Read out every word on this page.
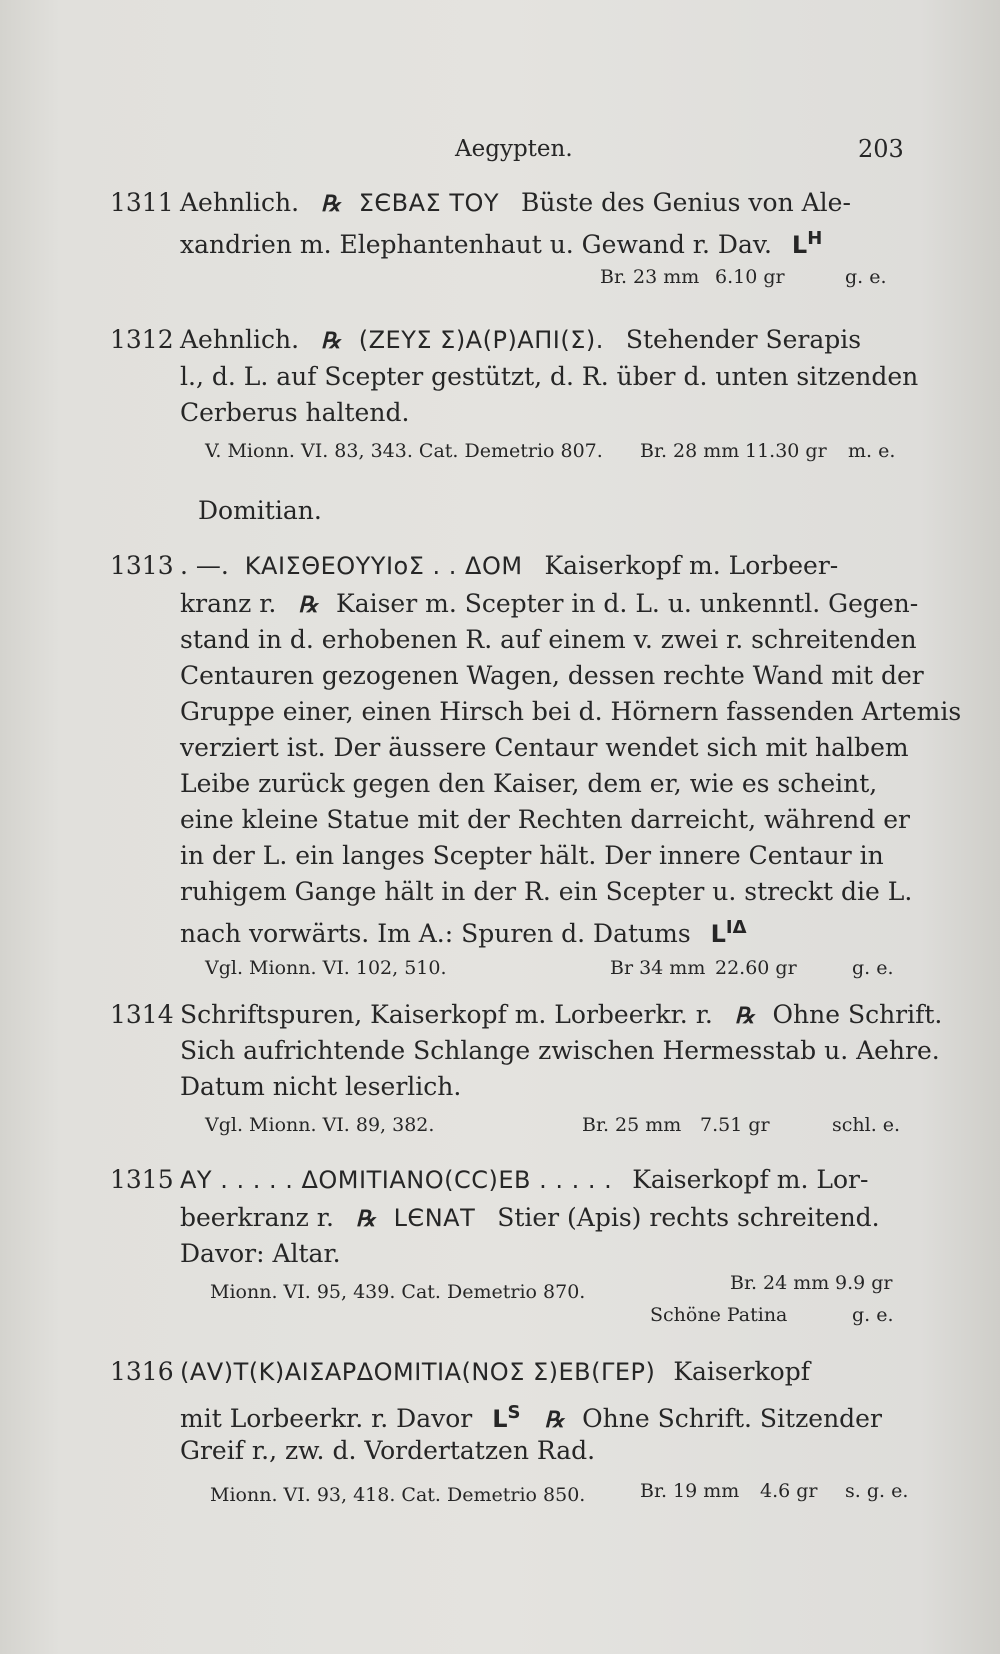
Aegypten.	203
1311 Aehnlich. ℞ ΣЄΒΑΣ ΤΟΥ Büste des Genius von Ale-
xandrien m. Elephantenhaut u. Gewand r. Dav. $L^H$
Br. 23 mm 6.10 gr	g. e.
1312 Aehnlich. ℞ (ΖΕΥΣ Σ)Α(Ρ)ΑΠΙ(Σ). Stehender Serapis
l., d. L. auf Scepter gestützt, d. R. über d. unten sitzenden
Cerberus haltend.
V. Mionn. VI. 83, 343. Cat. Demetrio 807. Br. 28 mm 11.30 gr m. e.
Domitian.
1313 . —. ΚΑΙΣΘΕΟΥΥΙοΣ . . ΔΟΜ Kaiserkopf m. Lorbeer-
kranz r. ℞ Kaiser m. Scepter in d. L. u. unkenntl. Gegen-
stand in d. erhobenen R. auf einem v. zwei r. schreitenden
Centauren gezogenen Wagen, dessen rechte Wand mit der
Gruppe einer, einen Hirsch bei d. Hörnern fassenden Artemis
verziert ist. Der äussere Centaur wendet sich mit halbem
Leibe zurück gegen den Kaiser, dem er, wie es scheint,
eine kleine Statue mit der Rechten darreicht, während er
in der L. ein langes Scepter hält. Der innere Centaur in
ruhigem Gange hält in der R. ein Scepter u. streckt die L.
nach vorwärts. Im A.: Spuren d. Datums $L^{I\Delta}$
Vgl. Mionn. VI. 102, 510.	Br 34 mm 22.60 gr	g. e.
1314 Schriftspuren, Kaiserkopf m. Lorbeerkr. r. ℞ Ohne Schrift.
Sich aufrichtende Schlange zwischen Hermesstab u. Aehre.
Datum nicht leserlich.
Vgl. Mionn. VI. 89, 382.	Br. 25 mm 7.51 gr	schl. e.
1315 ΑΥ . . . . . ΔΟΜΙΤΙΑΝΟ(CC)ΕΒ . . . . . Kaiserkopf m. Lor-
beerkranz r. ℞ LЄΝΑΤ Stier (Apis) rechts schreitend.
Davor: Altar.
Mionn. VI. 95, 439. Cat. Demetrio 870.	Br. 24 mm 9.9 gr
Schöne Patina	g. e.
1316 (ΑV)Τ(Κ)ΑΙΣΑΡΔΟΜΙΤΙΑ(ΝΟΣ Σ)ΕΒ(ΓΕΡ) Kaiserkopf
mit Lorbeerkr. r. Davor $L^S$ ℞ Ohne Schrift. Sitzender
Greif r., zw. d. Vordertatzen Rad.
Mionn. VI. 93, 418. Cat. Demetrio 850.	Br. 19 mm 4.6 gr s. g. e.
